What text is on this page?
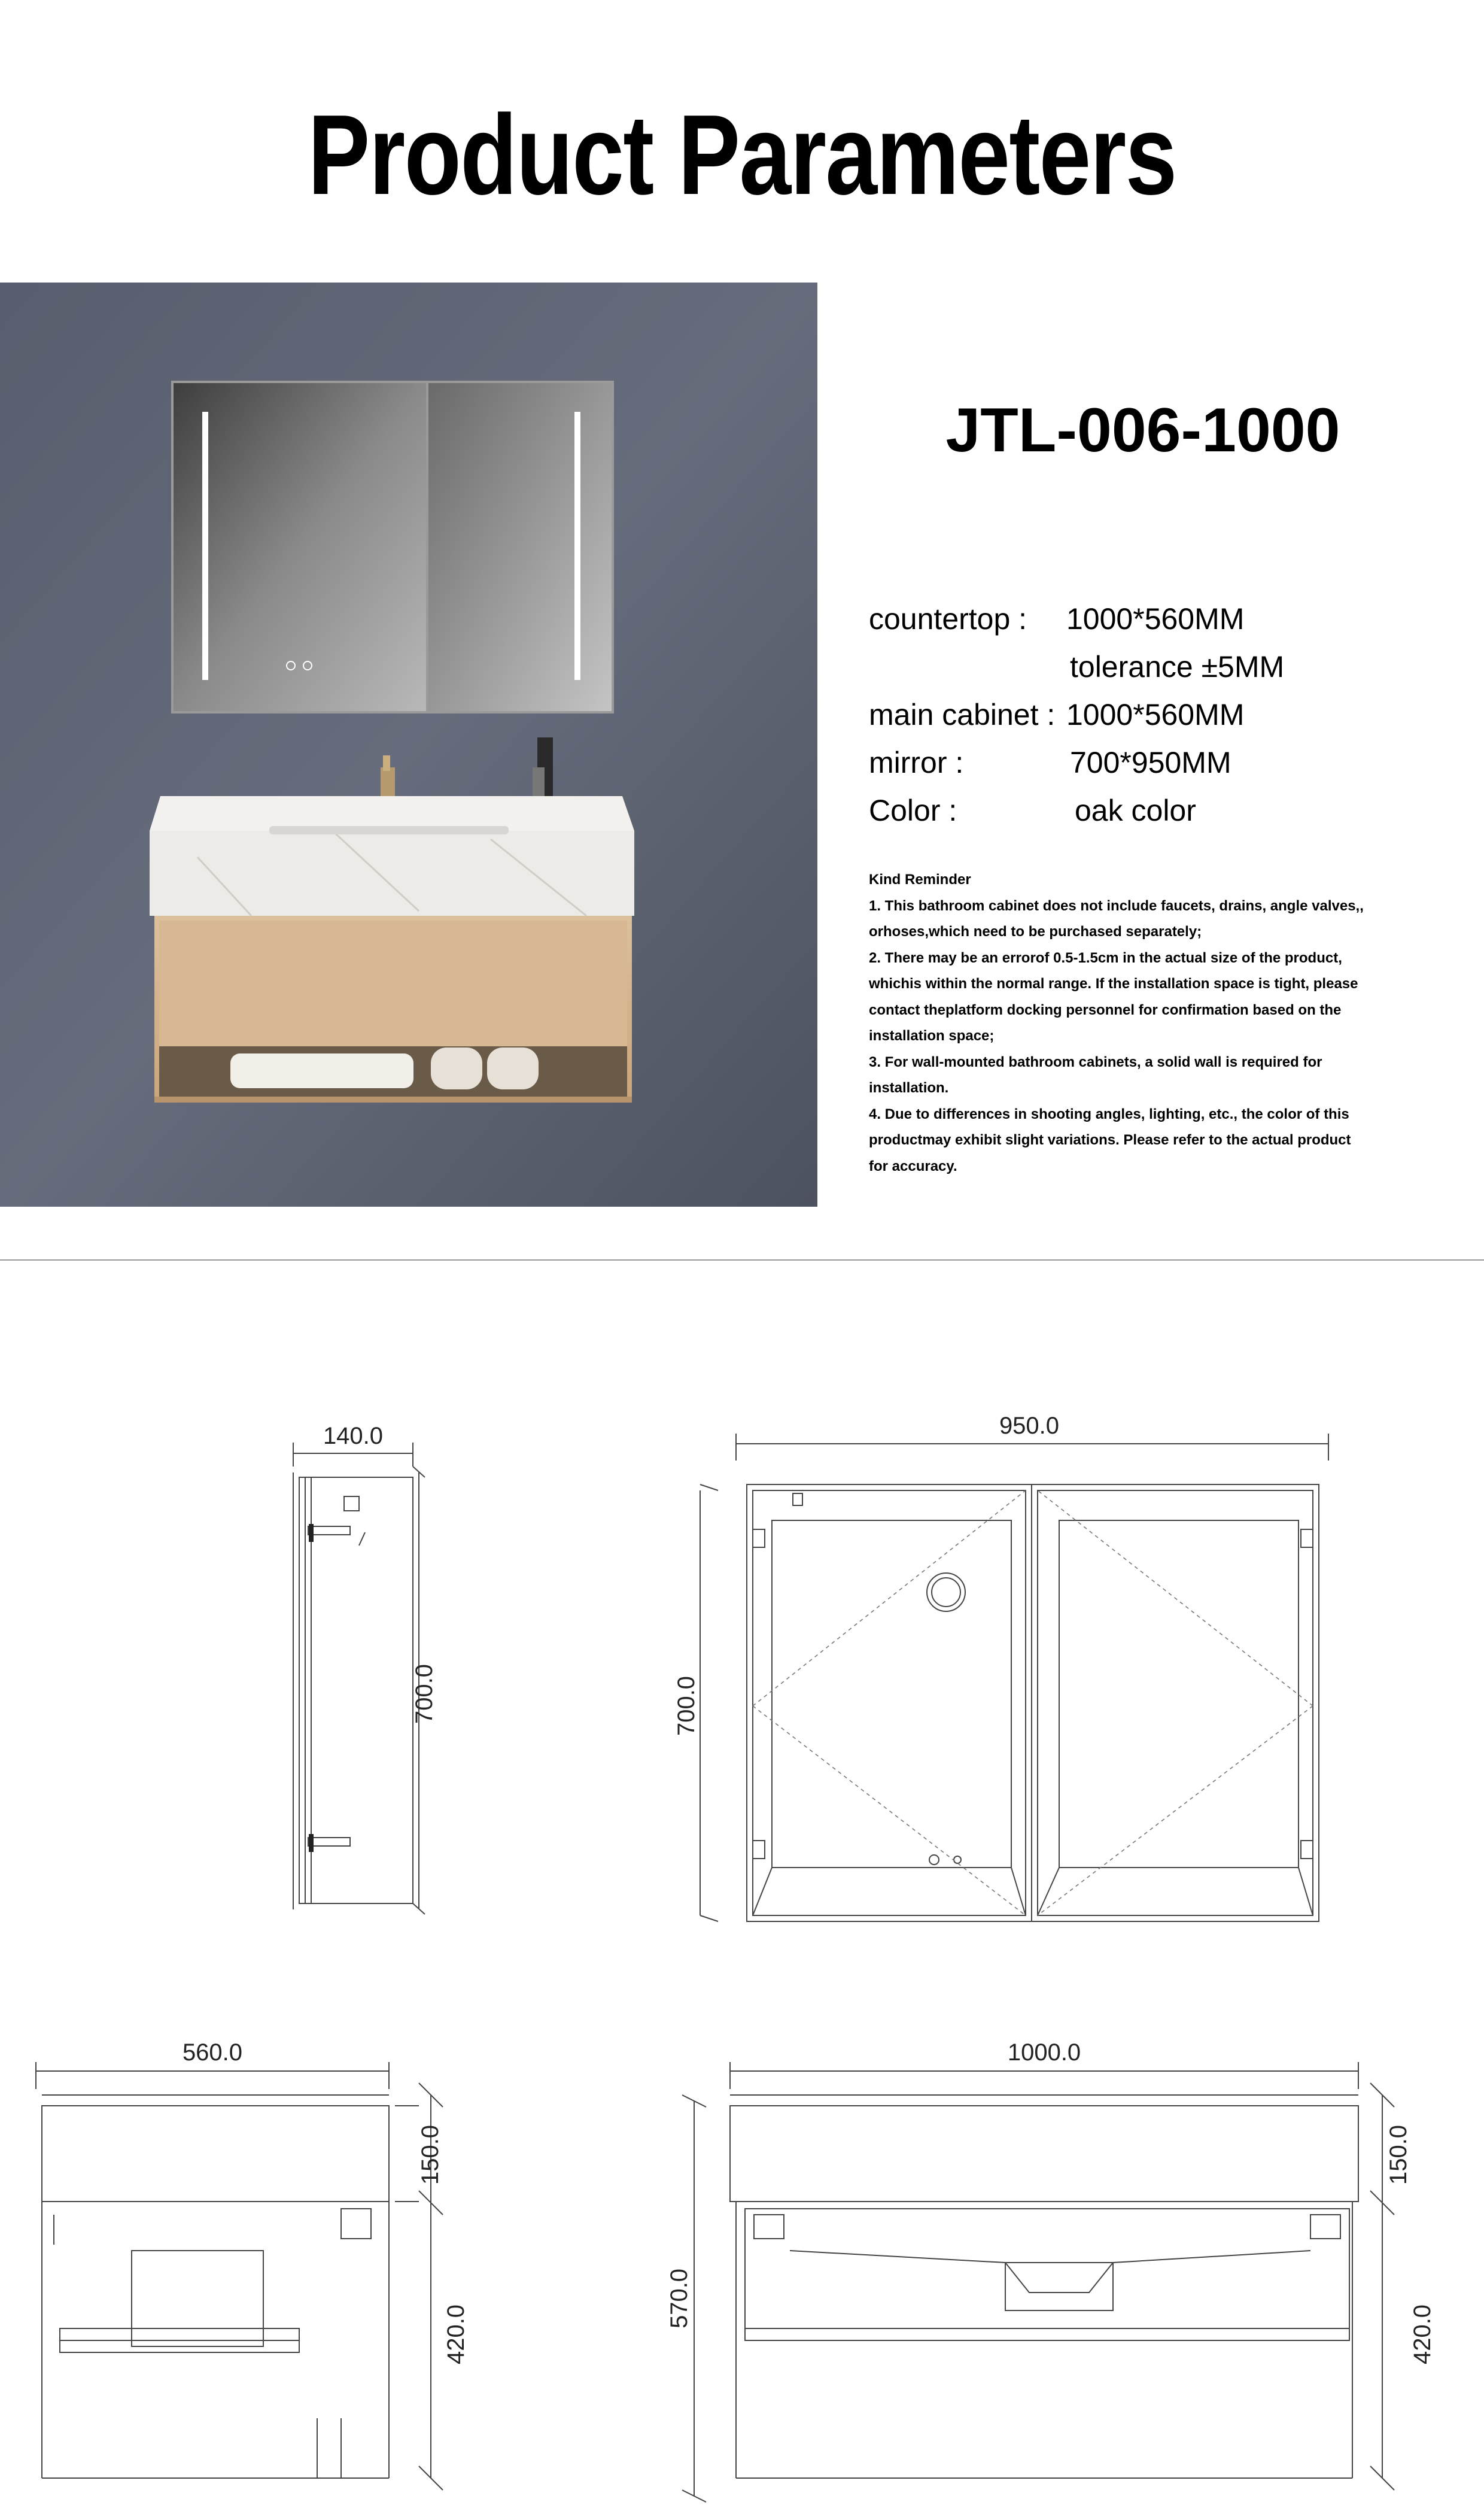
Product Parameters
JTL-006-1000
countertop : 1000*560MM
tolerance ±5MM
main cabinet : 1000*560MM
mirror :	700*950MM
Color :	oak color
Kind Reminder
1. This bathroom cabinet does not include faucets, drains, angle valves,,
orhoses,which need to be purchased separately;
2. There may be an errorof 0.5-1.5cm in the actual size of the product,
whichis within the normal range. If the installation space is tight, please
contact theplatform docking personnel for confirmation based on the
installation space;
3. For wall-mounted bathroom cabinets, a solid wall is required for
installation.
4. Due to differences in shooting angles, lighting, etc., the color of this
productmay exhibit slight variations. Please refer to the actual product
for accuracy.
140.0
700.0
950.0
700.0
560.0
150.0
420.0
1000.0
570.0
150.0
420.0
